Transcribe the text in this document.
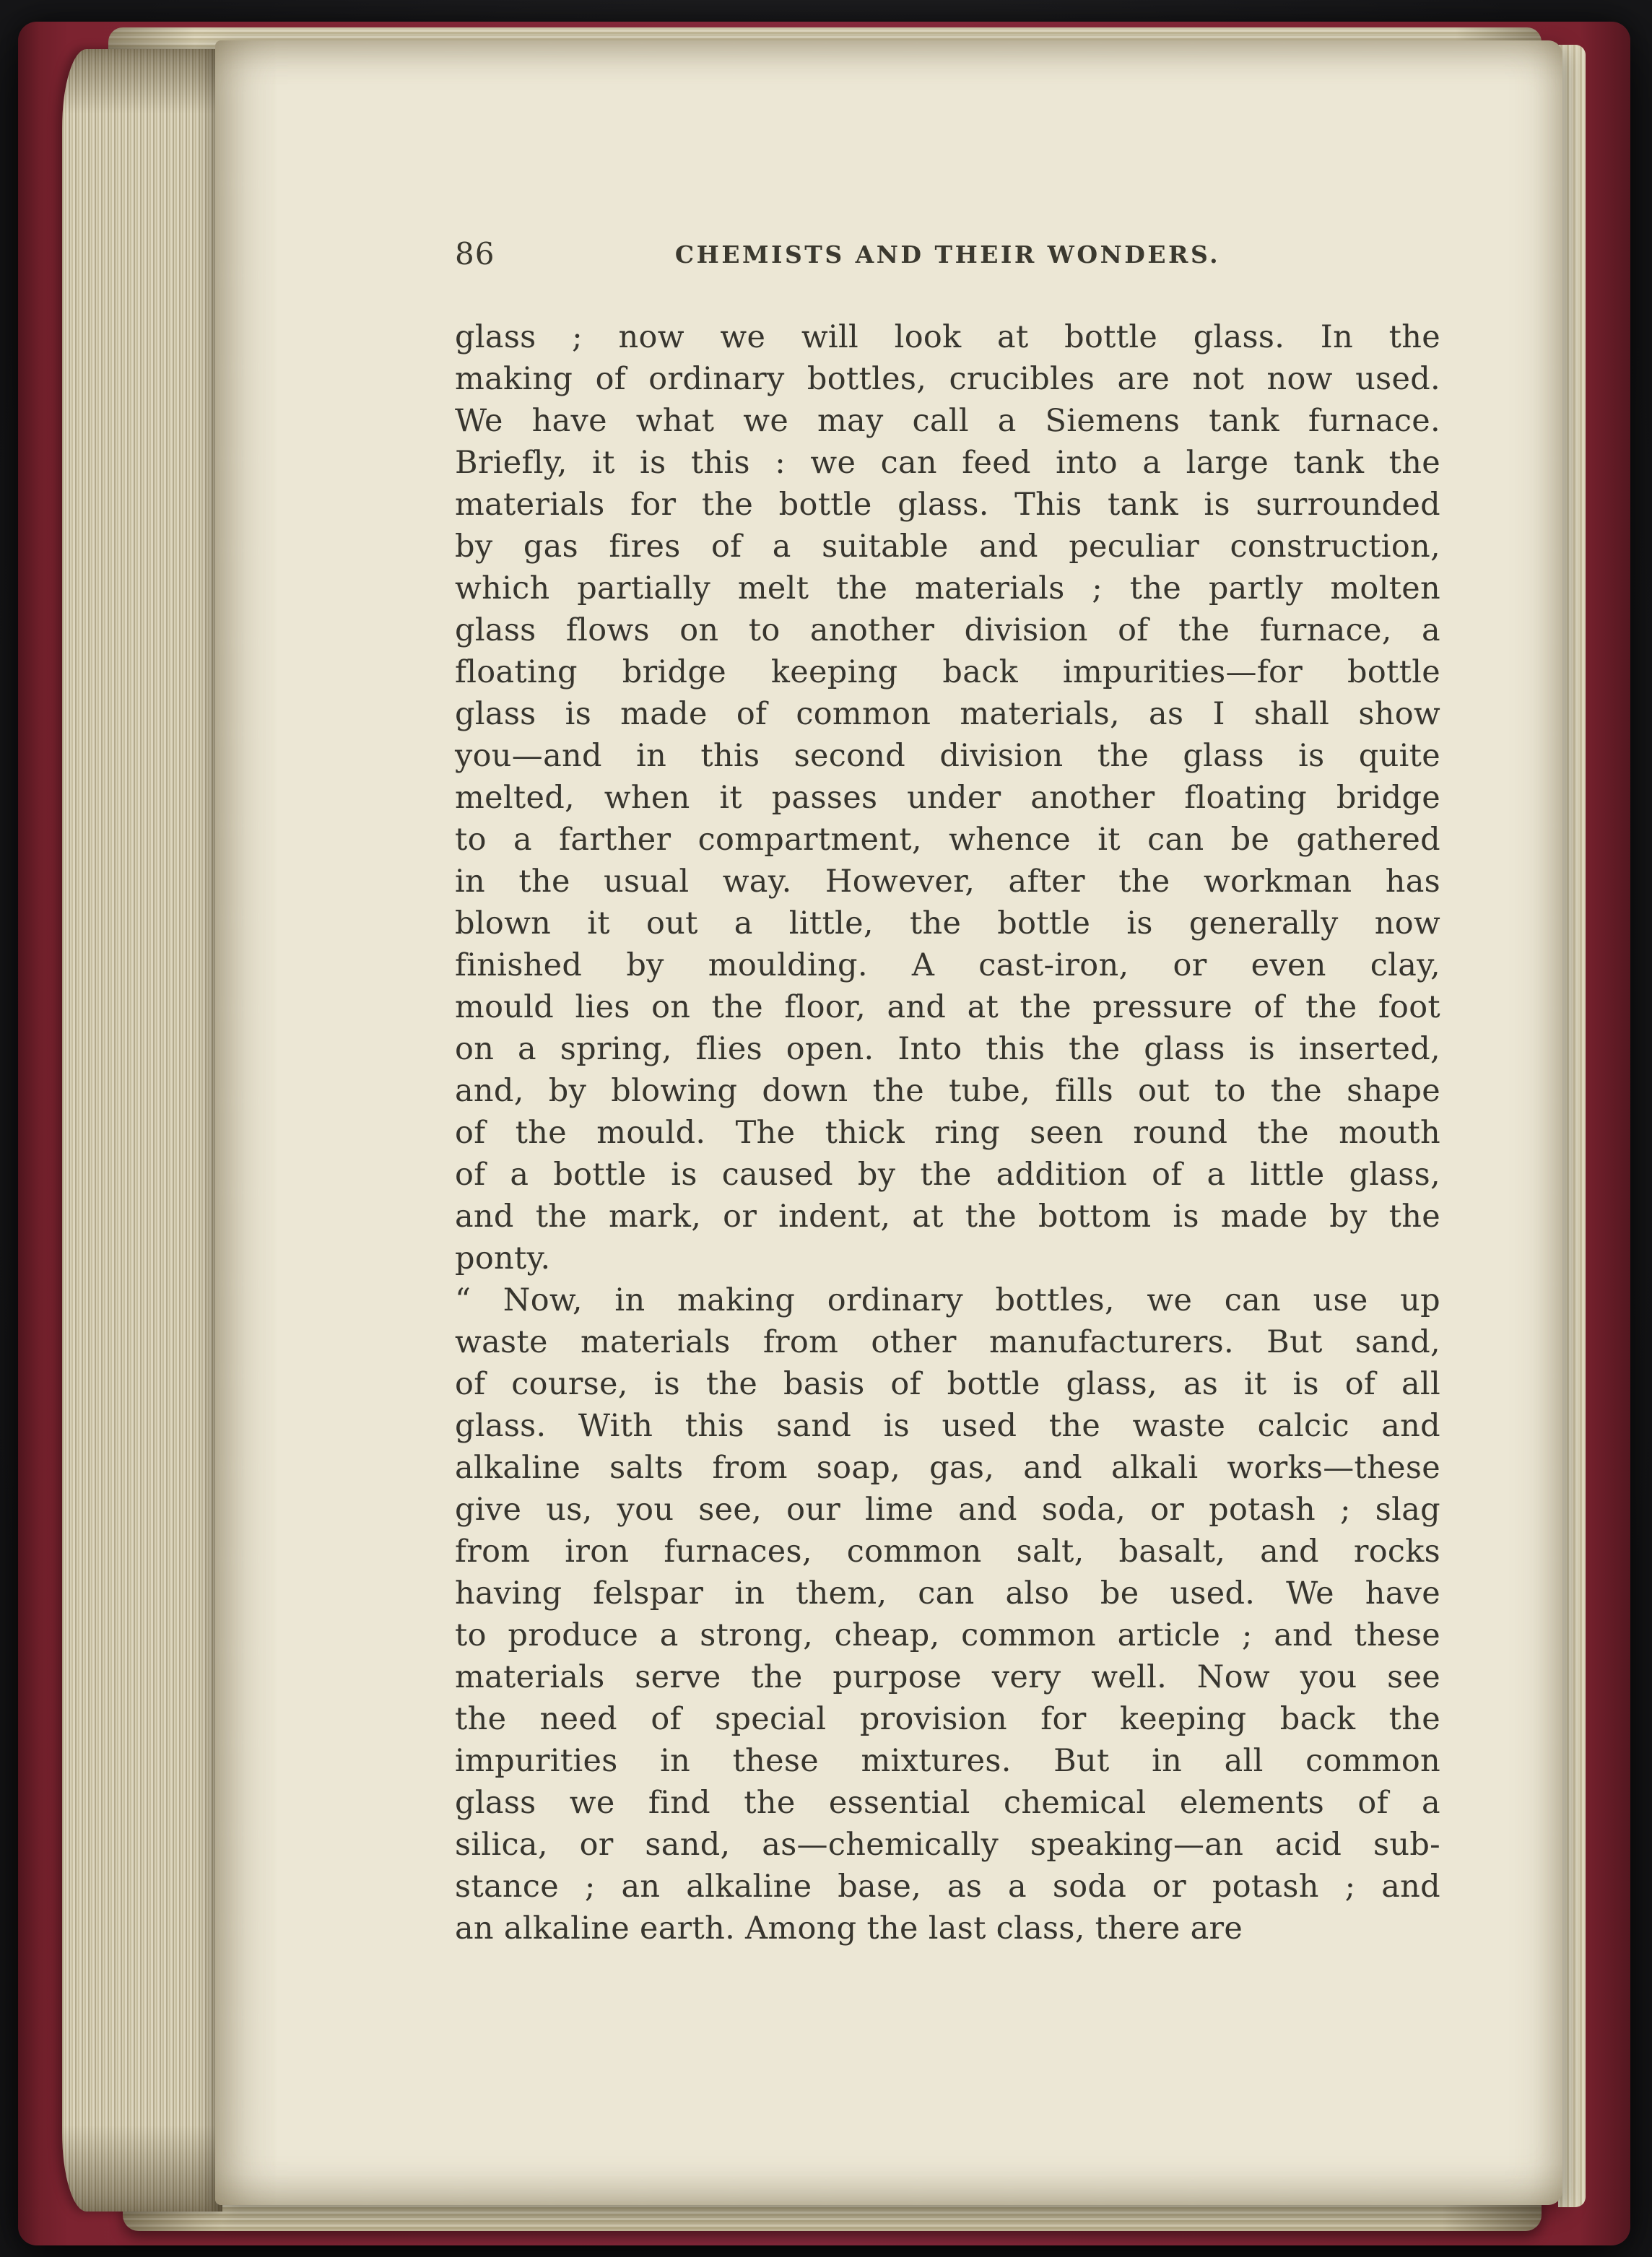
86	CHEMISTS AND THEIR WONDERS.
glass ; now we will look at bottle glass. In the
making of ordinary bottles, crucibles are not now used.
We have what we may call a Siemens tank furnace.
Briefly, it is this : we can feed into a large tank the
materials for the bottle glass. This tank is surrounded
by gas fires of a suitable and peculiar construction,
which partially melt the materials ; the partly molten
glass flows on to another division of the furnace, a
floating bridge keeping back impurities—for bottle
glass is made of common materials, as I shall show
you—and in this second division the glass is quite
melted, when it passes under another floating bridge
to a farther compartment, whence it can be gathered
in the usual way. However, after the workman has
blown it out a little, the bottle is generally now
finished by moulding. A cast-iron, or even clay,
mould lies on the floor, and at the pressure of the foot
on a spring, flies open. Into this the glass is inserted,
and, by blowing down the tube, fills out to the shape
of the mould. The thick ring seen round the mouth
of a bottle is caused by the addition of a little glass,
and the mark, or indent, at the bottom is made by the
ponty.
“ Now, in making ordinary bottles, we can use up
waste materials from other manufacturers. But sand,
of course, is the basis of bottle glass, as it is of all
glass. With this sand is used the waste calcic and
alkaline salts from soap, gas, and alkali works—these
give us, you see, our lime and soda, or potash ; slag
from iron furnaces, common salt, basalt, and rocks
having felspar in them, can also be used. We have
to produce a strong, cheap, common article ; and these
materials serve the purpose very well. Now you see
the need of special provision for keeping back the
impurities in these mixtures. But in all common
glass we find the essential chemical elements of a
silica, or sand, as—chemically speaking—an acid sub-
stance ; an alkaline base, as a soda or potash ; and
an alkaline earth. Among the last class, there are
